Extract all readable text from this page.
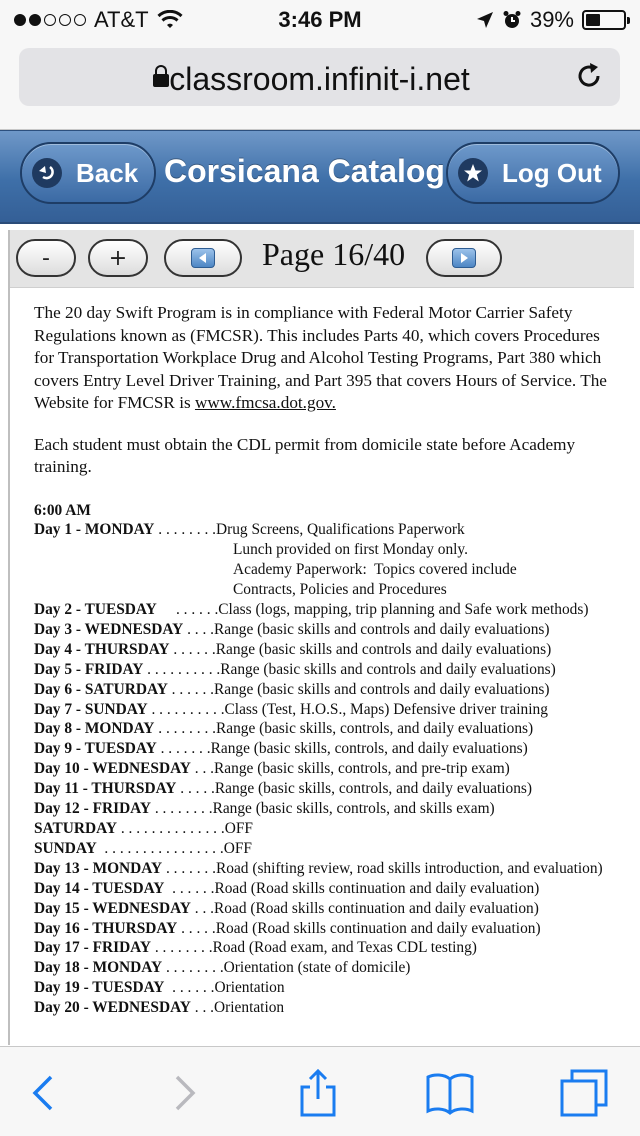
AT&T	3:46 PM	39%
classroom.infinit-i.net
Back Corsicana Catalog Log Out
-	+	Page 16/40

The 20 day Swift Program is in compliance with Federal Motor Carrier Safety Regulations known as (FMCSR). This includes Parts 40, which covers Procedures for Transportation Workplace Drug and Alcohol Testing Programs, Part 380 which covers Entry Level Driver Training, and Part 395 that covers Hours of Service. The Website for FMCSR is www.fmcsa.dot.gov.

Each student must obtain the CDL permit from domicile state before Academy training.

6:00 AM
Day 1 - MONDAY . . . . . . . .Drug Screens, Qualifications Paperwork
Lunch provided on first Monday only.
Academy Paperwork:  Topics covered include
Contracts, Policies and Procedures
Day 2 - TUESDAY     . . . . . .Class (logs, mapping, trip planning and Safe work methods)
Day 3 - WEDNESDAY . . . .Range (basic skills and controls and daily evaluations)
Day 4 - THURSDAY . . . . . .Range (basic skills and controls and daily evaluations)
Day 5 - FRIDAY . . . . . . . . . .Range (basic skills and controls and daily evaluations)
Day 6 - SATURDAY . . . . . .Range (basic skills and controls and daily evaluations)
Day 7 - SUNDAY . . . . . . . . . .Class (Test, H.O.S., Maps) Defensive driver training
Day 8 - MONDAY . . . . . . . .Range (basic skills, controls, and daily evaluations)
Day 9 - TUESDAY . . . . . . .Range (basic skills, controls, and daily evaluations)
Day 10 - WEDNESDAY . . .Range (basic skills, controls, and pre-trip exam)
Day 11 - THURSDAY . . . . .Range (basic skills, controls, and daily evaluations)
Day 12 - FRIDAY . . . . . . . .Range (basic skills, controls, and skills exam)
SATURDAY . . . . . . . . . . . . . .OFF
SUNDAY  . . . . . . . . . . . . . . . .OFF
Day 13 - MONDAY . . . . . . .Road (shifting review, road skills introduction, and evaluation)
Day 14 - TUESDAY  . . . . . .Road (Road skills continuation and daily evaluation)
Day 15 - WEDNESDAY . . .Road (Road skills continuation and daily evaluation)
Day 16 - THURSDAY . . . . .Road (Road skills continuation and daily evaluation)
Day 17 - FRIDAY . . . . . . . .Road (Road exam, and Texas CDL testing)
Day 18 - MONDAY . . . . . . . .Orientation (state of domicile)
Day 19 - TUESDAY  . . . . . .Orientation
Day 20 - WEDNESDAY . . .Orientation
